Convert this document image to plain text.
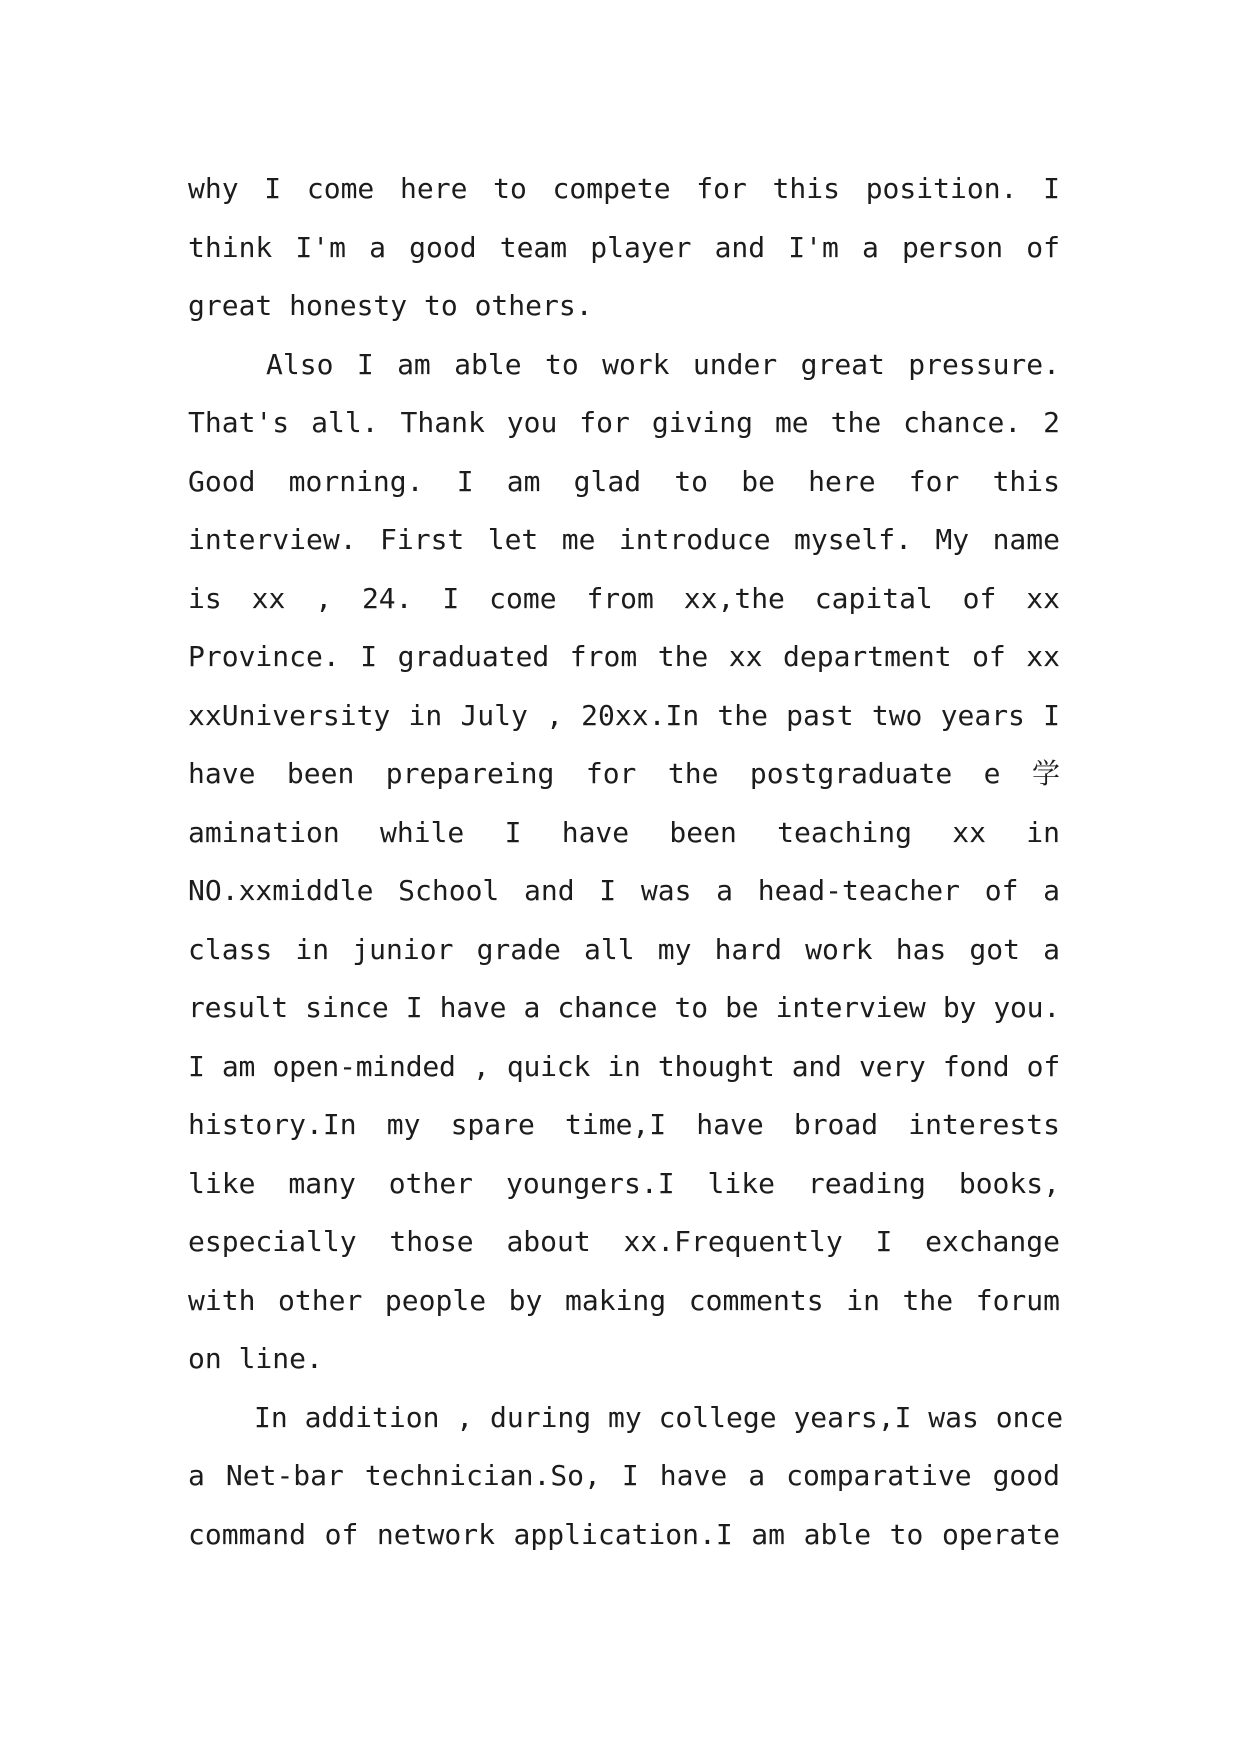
why I come here to compete for this position. I
think I'm a good team player and I'm a person of
great honesty to others.
Also I am able to work under great pressure.
That's all. Thank you for giving me the chance. 2
Good morning. I am glad to be here for this
interview. First let me introduce myself. My name
is xx , 24. I come from xx,the capital of xx
Province. I graduated from the xx department of xx
xxUniversity in July , 20xx.In the past two years I
have been prepareing for the postgraduate e 学
amination while I have been teaching xx in
NO.xxmiddle School and I was a head-teacher of a
class in junior grade all my hard work has got a
result since I have a chance to be interview by you.
I am open-minded , quick in thought and very fond of
history.In my spare time,I have broad interests
like many other youngers.I like reading books,
especially those about xx.Frequently I exchange
with other people by making comments in the forum
on line.
In addition , during my college years,I was once
a Net-bar technician.So, I have a comparative good
command of network application.I am able to operate
